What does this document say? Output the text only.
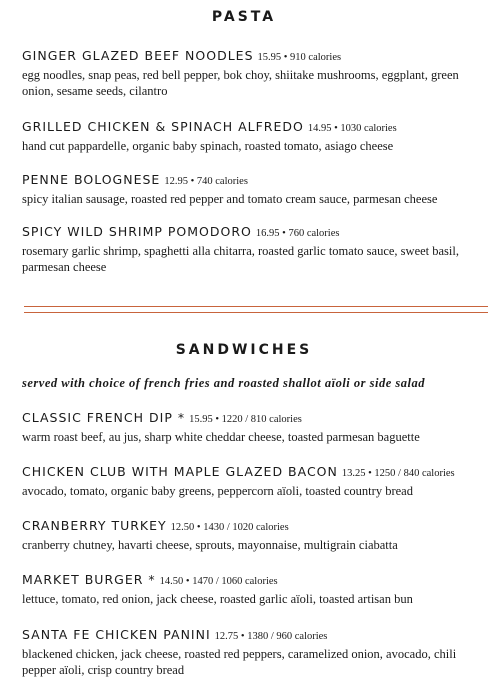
PASTA
GINGER GLAZED BEEF NOODLES 15.95 • 910 calories
egg noodles, snap peas, red bell pepper, bok choy, shiitake mushrooms, eggplant, green onion, sesame seeds, cilantro
GRILLED CHICKEN & SPINACH ALFREDO 14.95 • 1030 calories
hand cut pappardelle, organic baby spinach, roasted tomato, asiago cheese
PENNE BOLOGNESE 12.95 • 740 calories
spicy italian sausage, roasted red pepper and tomato cream sauce, parmesan cheese
SPICY WILD SHRIMP POMODORO 16.95 • 760 calories
rosemary garlic shrimp, spaghetti alla chitarra, roasted garlic tomato sauce, sweet basil, parmesan cheese
SANDWICHES
served with choice of french fries and roasted shallot aïoli or side salad
CLASSIC FRENCH DIP * 15.95 • 1220 / 810 calories
warm roast beef, au jus, sharp white cheddar cheese, toasted parmesan baguette
CHICKEN CLUB WITH MAPLE GLAZED BACON 13.25 • 1250 / 840 calories
avocado, tomato, organic baby greens, peppercorn aïoli, toasted country bread
CRANBERRY TURKEY 12.50 • 1430 / 1020 calories
cranberry chutney, havarti cheese, sprouts, mayonnaise, multigrain ciabatta
MARKET BURGER * 14.50 • 1470 / 1060 calories
lettuce, tomato, red onion, jack cheese, roasted garlic aïoli, toasted artisan bun
SANTA FE CHICKEN PANINI 12.75 • 1380 / 960 calories
blackened chicken, jack cheese, roasted red peppers, caramelized onion, avocado, chili pepper aïoli, crisp country bread
